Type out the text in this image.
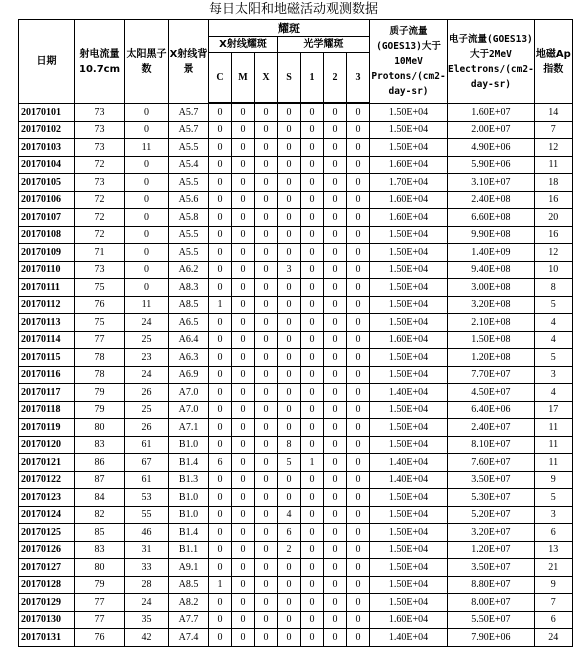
每日太阳和地磁活动观测数据
日期	射电流量10.7cm	太阳黑子数	X射线背景	耀斑							质子流量(GOES13)大于10MeV Protons/(cm2-day-sr)	电子流量(GOES13)大于2MeV Electrons/(cm2-day-sr)	地磁Ap指数
				X射线耀斑			光学耀斑						
				C	M	X	S	1	2	3			

20170101	73	0	A5.7	0	0	0	0	0	0	0	1.50E+04	1.60E+07	14
20170102	73	0	A5.7	0	0	0	0	0	0	0	1.50E+04	2.00E+07	7
20170103	73	11	A5.5	0	0	0	0	0	0	0	1.50E+04	4.90E+06	12
20170104	72	0	A5.4	0	0	0	0	0	0	0	1.60E+04	5.90E+06	11
20170105	73	0	A5.5	0	0	0	0	0	0	0	1.70E+04	3.10E+07	18
20170106	72	0	A5.6	0	0	0	0	0	0	0	1.60E+04	2.40E+08	16
20170107	72	0	A5.8	0	0	0	0	0	0	0	1.60E+04	6.60E+08	20
20170108	72	0	A5.5	0	0	0	0	0	0	0	1.50E+04	9.90E+08	16
20170109	71	0	A5.5	0	0	0	0	0	0	0	1.50E+04	1.40E+09	12
20170110	73	0	A6.2	0	0	0	3	0	0	0	1.50E+04	9.40E+08	10
20170111	75	0	A8.3	0	0	0	0	0	0	0	1.50E+04	3.00E+08	8
20170112	76	11	A8.5	1	0	0	0	0	0	0	1.50E+04	3.20E+08	5
20170113	75	24	A6.5	0	0	0	0	0	0	0	1.50E+04	2.10E+08	4
20170114	77	25	A6.4	0	0	0	0	0	0	0	1.60E+04	1.50E+08	4
20170115	78	23	A6.3	0	0	0	0	0	0	0	1.50E+04	1.20E+08	5
20170116	78	24	A6.9	0	0	0	0	0	0	0	1.50E+04	7.70E+07	3
20170117	79	26	A7.0	0	0	0	0	0	0	0	1.40E+04	4.50E+07	4
20170118	79	25	A7.0	0	0	0	0	0	0	0	1.50E+04	6.40E+06	17
20170119	80	26	A7.1	0	0	0	0	0	0	0	1.50E+04	2.40E+07	11
20170120	83	61	B1.0	0	0	0	8	0	0	0	1.50E+04	8.10E+07	11
20170121	86	67	B1.4	6	0	0	5	1	0	0	1.40E+04	7.60E+07	11
20170122	87	61	B1.3	0	0	0	0	0	0	0	1.40E+04	3.50E+07	9
20170123	84	53	B1.0	0	0	0	0	0	0	0	1.50E+04	5.30E+07	5
20170124	82	55	B1.0	0	0	0	4	0	0	0	1.50E+04	5.20E+07	3
20170125	85	46	B1.4	0	0	0	6	0	0	0	1.50E+04	3.20E+07	6
20170126	83	31	B1.1	0	0	0	2	0	0	0	1.50E+04	1.20E+07	13
20170127	80	33	A9.1	0	0	0	0	0	0	0	1.50E+04	3.50E+07	21
20170128	79	28	A8.5	1	0	0	0	0	0	0	1.50E+04	8.80E+07	9
20170129	77	24	A8.2	0	0	0	0	0	0	0	1.50E+04	8.00E+07	7
20170130	77	35	A7.7	0	0	0	0	0	0	0	1.60E+04	5.50E+07	6
20170131	76	42	A7.4	0	0	0	0	0	0	0	1.40E+04	7.90E+06	24
